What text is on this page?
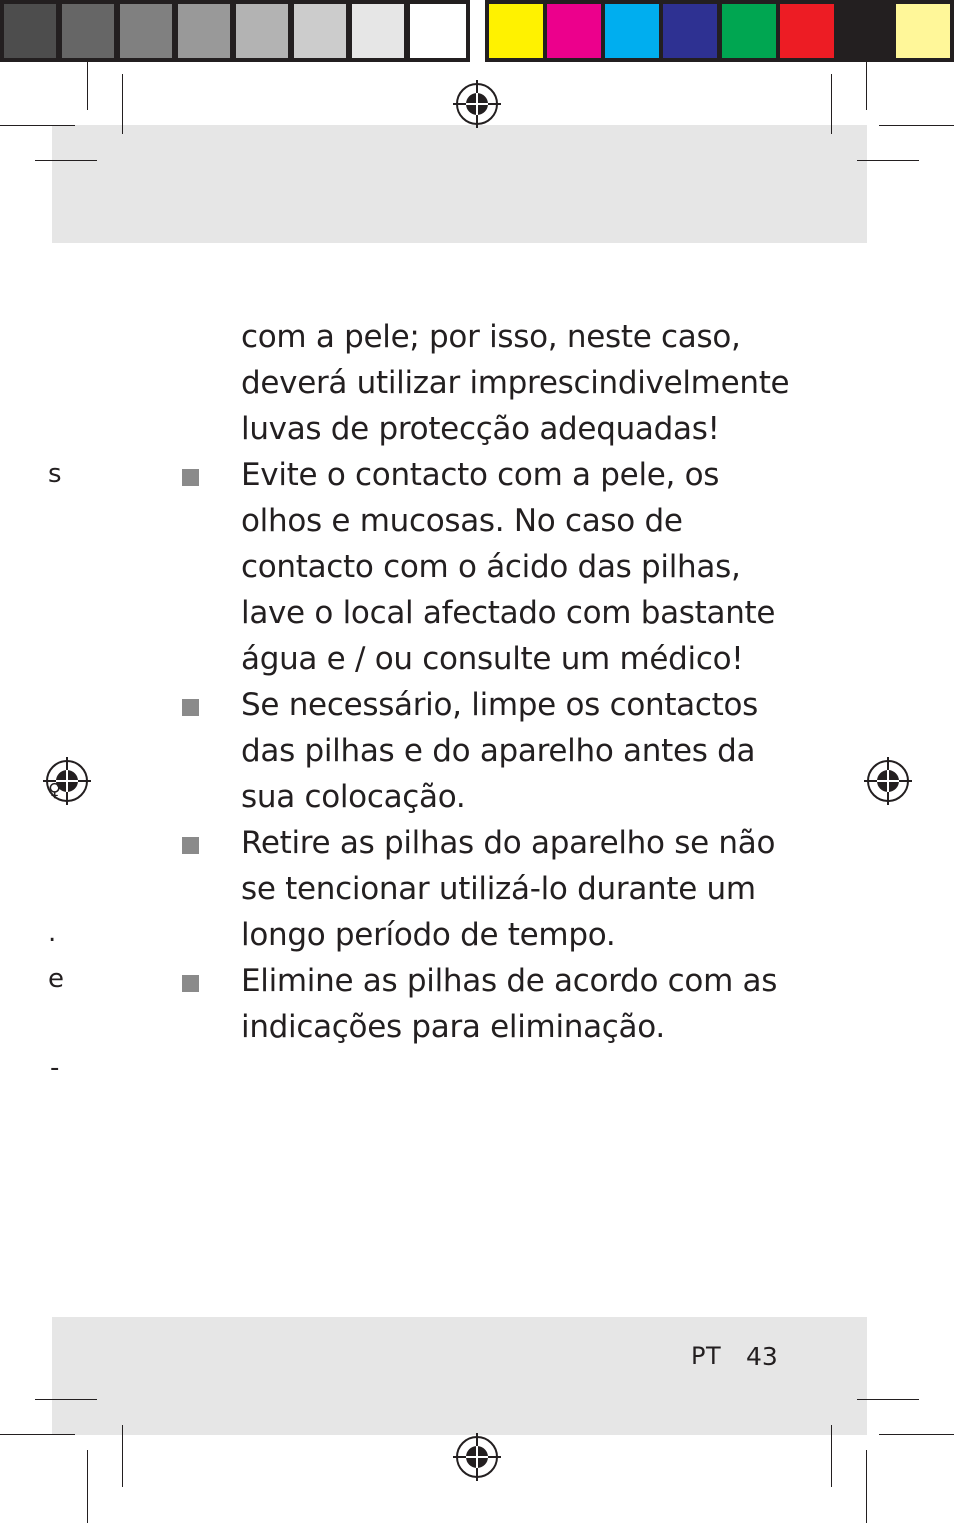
s
♀
.
e
-

com a pele; por isso, neste caso, deverá utilizar imprescindivelmente luvas de protecção adequadas!

Evite o contacto com a pele, os olhos e mucosas. No caso de contacto com o ácido das pilhas, lave o local afectado com bastante água e / ou consulte um médico!

Se necessário, limpe os contactos das pilhas e do aparelho antes da sua colocação.

Retire as pilhas do aparelho se não se tencionar utilizá-lo durante um longo período de tempo.

Elimine as pilhas de acordo com as indicações para eliminação.

PT 43
